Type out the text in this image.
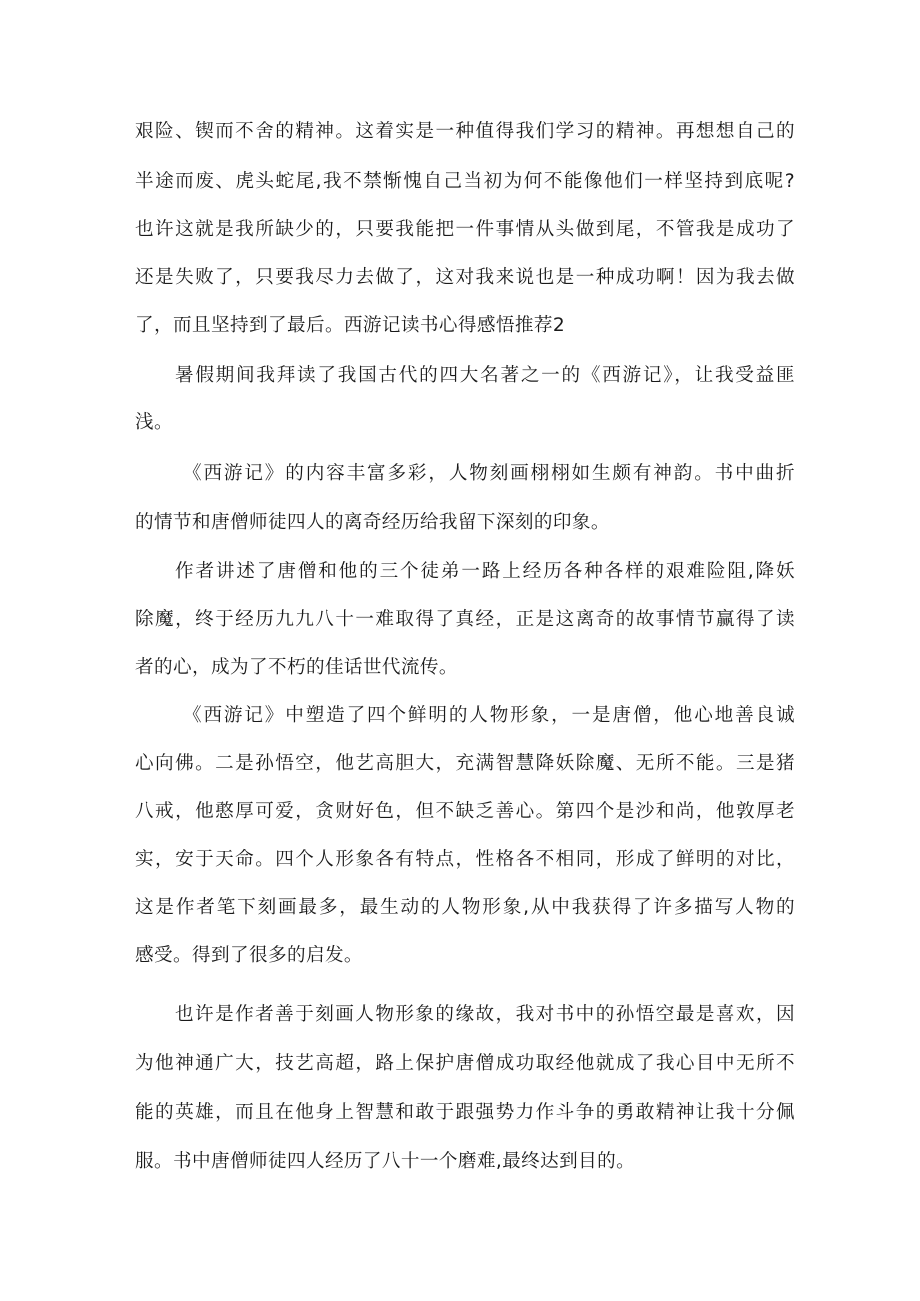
艰险、锲而不舍的精神。这着实是一种值得我们学习的精神。再想想自己的
半途而废、虎头蛇尾,我不禁惭愧自己当初为何不能像他们一样坚持到底呢?
也许这就是我所缺少的，只要我能把一件事情从头做到尾，不管我是成功了
还是失败了，只要我尽力去做了，这对我来说也是一种成功啊！因为我去做
了，而且坚持到了最后。西游记读书心得感悟推荐2
暑假期间我拜读了我国古代的四大名著之一的《西游记》，让我受益匪
浅。
《西游记》的内容丰富多彩，人物刻画栩栩如生颇有神韵。书中曲折
的情节和唐僧师徒四人的离奇经历给我留下深刻的印象。
作者讲述了唐僧和他的三个徒弟一路上经历各种各样的艰难险阻,降妖
除魔，终于经历九九八十一难取得了真经，正是这离奇的故事情节赢得了读
者的心，成为了不朽的佳话世代流传。
《西游记》中塑造了四个鲜明的人物形象，一是唐僧，他心地善良诚
心向佛。二是孙悟空，他艺高胆大，充满智慧降妖除魔、无所不能。三是猪
八戒，他憨厚可爱，贪财好色，但不缺乏善心。第四个是沙和尚，他敦厚老
实，安于天命。四个人形象各有特点，性格各不相同，形成了鲜明的对比，
这是作者笔下刻画最多，最生动的人物形象,从中我获得了许多描写人物的
感受。得到了很多的启发。
也许是作者善于刻画人物形象的缘故，我对书中的孙悟空最是喜欢，因
为他神通广大，技艺高超，路上保护唐僧成功取经他就成了我心目中无所不
能的英雄，而且在他身上智慧和敢于跟强势力作斗争的勇敢精神让我十分佩
服。书中唐僧师徒四人经历了八十一个磨难,最终达到目的。
